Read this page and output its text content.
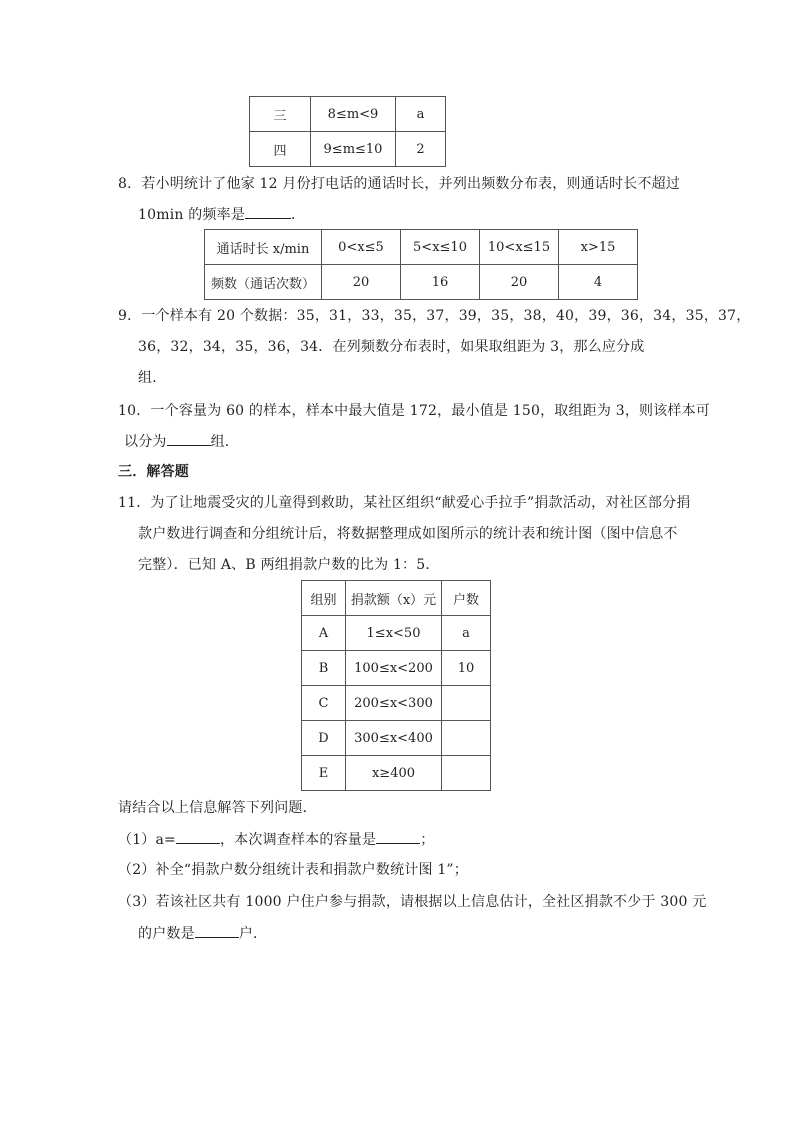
三	8≤m<9	a
四	9≤m≤10	2
8．若小明统计了他家 12 月份打电话的通话时长，并列出频数分布表，则通话时长不超过
10min 的频率是	．
通话时长 x/min	0<x≤5	5<x≤10	10<x≤15	x>15
频数（通话次数）	20	16	20	4
9．一个样本有 20 个数据：35，31，33，35，37，39，35，38，40，39，36，34，35，37，
36，32，34，35，36，34．在列频数分布表时，如果取组距为 3，那么应分成
组．
10．一个容量为 60 的样本，样本中最大值是 172，最小值是 150，取组距为 3，则该样本可
以分为	组．
三．解答题
11．为了让地震受灾的儿童得到救助，某社区组织“献爱心手拉手”捐款活动，对社区部分捐
款户数进行调查和分组统计后，将数据整理成如图所示的统计表和统计图（图中信息不
完整）．已知 A、B 两组捐款户数的比为 1：5．
组别	捐款额（x）元	户数
A	1≤x<50	a
B	100≤x<200	10
C	200≤x<300	
D	300≤x<400	
E	x≥400	
请结合以上信息解答下列问题．
（1）a=	，本次调查样本的容量是	；
（2）补全“捐款户数分组统计表和捐款户数统计图 1”；
（3）若该社区共有 1000 户住户参与捐款，请根据以上信息估计，全社区捐款不少于 300 元
的户数是	户．
